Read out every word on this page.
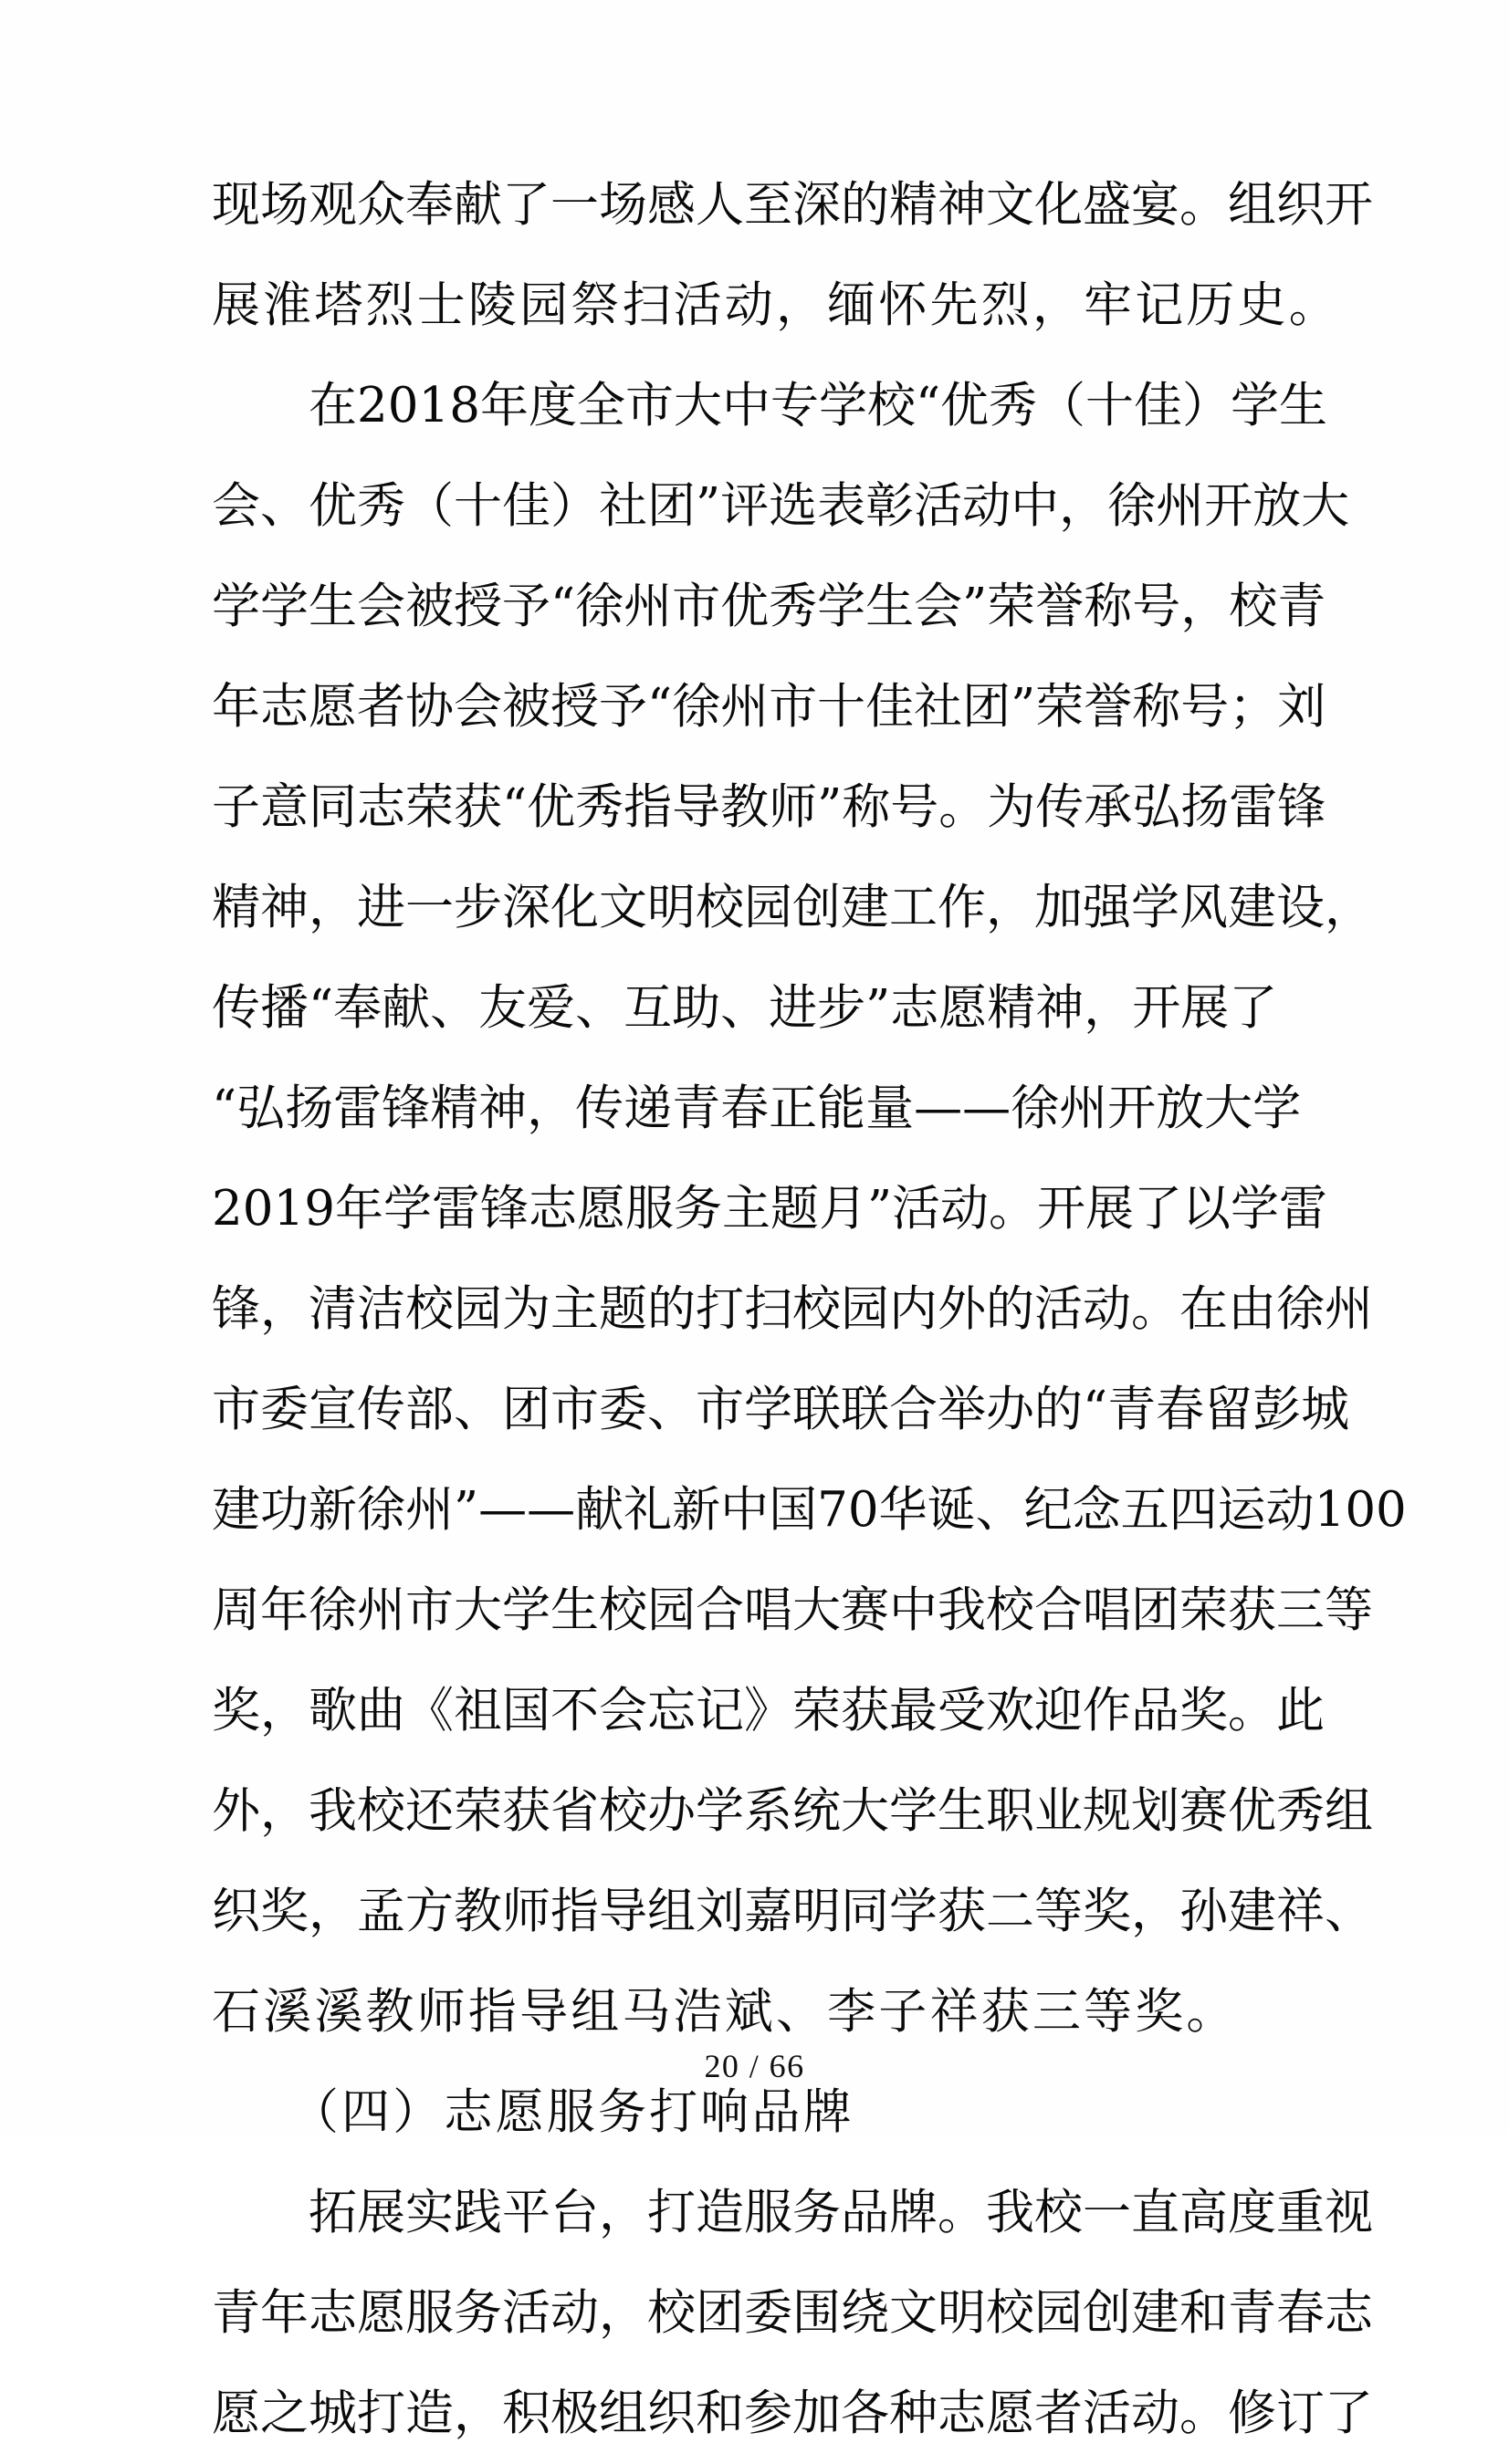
现 场 观 众 奉 献 了 一 场 感 人 至 深 的 精 神 文 化 盛 宴 。 组 织 开
展淮塔烈士陵园祭扫活动，缅怀先烈，牢记历史。

在 2 0 1 8 年 度 全 市 大 中 专 学 校 “ 优 秀 （ 十 佳 ） 学 生
会 、 优 秀 （ 十 佳 ） 社 团 ” 评 选 表 彰 活 动 中 ， 徐 州 开 放 大
学 学 生 会 被 授 予 “ 徐 州 市 优 秀 学 生 会 ” 荣 誉 称 号 ， 校 青
年 志 愿 者 协 会 被 授 予 “ 徐 州 市 十 佳 社 团 ” 荣 誉 称 号 ； 刘
子 意 同 志 荣 获 “ 优 秀 指 导 教 师 ” 称 号 。 为 传 承 弘 扬 雷 锋
精 神 ， 进 一 步 深 化 文 明 校 园 创 建 工 作 ， 加 强 学 风 建 设 ，
传 播 “ 奉 献 、 友 爱 、 互 助 、 进 步 ” 志 愿 精 神 ， 开 展 了
“ 弘 扬 雷 锋 精 神 ， 传 递 青 春 正 能 量 — — 徐 州 开 放 大 学
2 0 1 9 年 学 雷 锋 志 愿 服 务 主 题 月 ” 活 动 。 开 展 了 以 学 雷
锋 ， 清 洁 校 园 为 主 题 的 打 扫 校 园 内 外 的 活 动 。 在 由 徐 州
市 委 宣 传 部 、 团 市 委 、 市 学 联 联 合 举 办 的 “ 青 春 留 彭 城
建 功 新 徐 州 ” — — 献 礼 新 中 国 7 0 华 诞 、 纪 念 五 四 运 动 1 0 0
周 年 徐 州 市 大 学 生 校 园 合 唱 大 赛 中 我 校 合 唱 团 荣 获 三 等
奖 ， 歌 曲 《 祖 国 不 会 忘 记 》 荣 获 最 受 欢 迎 作 品 奖 。 此
外 ， 我 校 还 荣 获 省 校 办 学 系 统 大 学 生 职 业 规 划 赛 优 秀 组
织 奖 ， 孟 方 教 师 指 导 组 刘 嘉 明 同 学 获 二 等 奖 ， 孙 建 祥 、
石溪溪教师指导组马浩斌、李子祥获三等奖。
　　（四）志愿服务打响品牌

拓 展 实 践 平 台 ， 打 造 服 务 品 牌 。 我 校 一 直 高 度 重 视
青 年 志 愿 服 务 活 动 ， 校 团 委 围 绕 文 明 校 园 创 建 和 青 春 志
愿 之 城 打 造 ， 积 极 组 织 和 参 加 各 种 志 愿 者 活 动 。 修 订 了
20 / 66
